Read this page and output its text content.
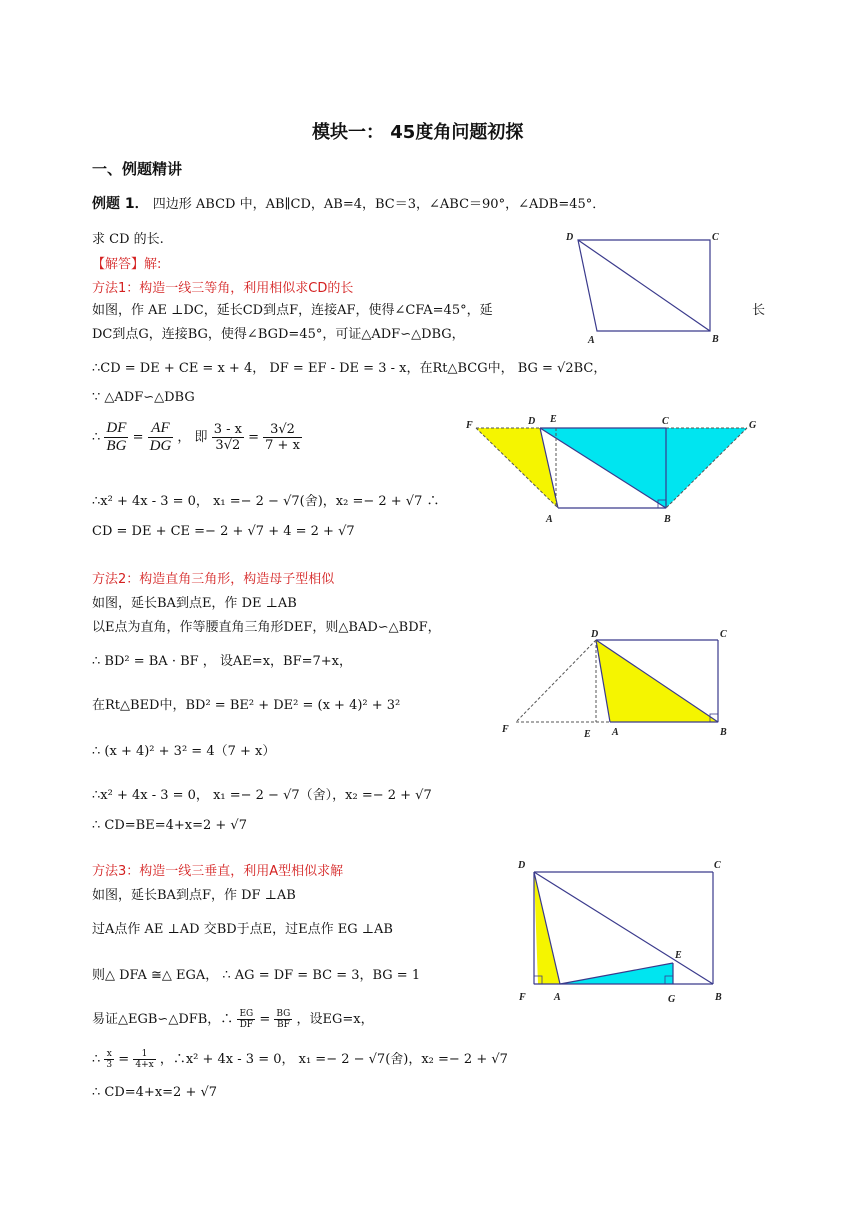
模块一： 45度角问题初探
一、例题精讲
例题 1． 四边形 ABCD 中，AB∥CD，AB=4，BC＝3，∠ABC＝90°，∠ADB=45°．
求 CD 的长.
【解答】解:
方法1：构造一线三等角，利用相似求CD的长
如图，作 AE ⊥DC，延长CD到点F，连接AF，使得∠CFA=45°，延	长
DC到点G，连接BG，使得∠BGD=45°，可证△ADF∽△DBG，
∴CD = DE + CE = x + 4， DF = EF - DE = 3 - x，在Rt△BCG中， BG = √2BC，
∵ △ADF∽△DBG
∴ $\frac{DF}{BG} = \frac{AF}{DG}$ ， 即 $\frac{3 - x}{3√2} = \frac{3√2}{7 + x}$
∴x² + 4x - 3 = 0， x₁ =− 2 − √7(舍)，x₂ =− 2 + √7 ∴
CD = DE + CE =− 2 + √7 + 4 = 2 + √7
方法2：构造直角三角形，构造母子型相似
如图，延长BA到点E，作 DE ⊥AB
以E点为直角，作等腰直角三角形DEF，则△BAD∽△BDF，
∴ BD² = BA · BF ， 设AE=x，BF=7+x，
在Rt△BED中，BD² = BE² + DE² = (x + 4)² + 3²
∴ (x + 4)² + 3² = 4（7 + x）
∴x² + 4x - 3 = 0， x₁ =− 2 − √7（舍），x₂ =− 2 + √7
∴ CD=BE=4+x=2 + √7
方法3：构造一线三垂直，利用A型相似求解
如图，延长BA到点F，作 DF ⊥AB
过A点作 AE ⊥AD 交BD于点E，过E点作 EG ⊥AB
则△ DFA ≅△ EGA， ∴ AG = DF = BC = 3，BG = 1
易证△EGB∽△DFB，∴ $\frac{EG}{DF} = \frac{BG}{BF}$ ，设EG=x，
∴ $\frac{x}{3} = \frac{1}{4+x}$ ，∴x² + 4x - 3 = 0， x₁ =− 2 − √7(舍)，x₂ =− 2 + √7
∴ CD=4+x=2 + √7
D	C
A	B
F	D E	C	G
A	B
D	C
F	E A	B
D	C
E
F	A	G	B
